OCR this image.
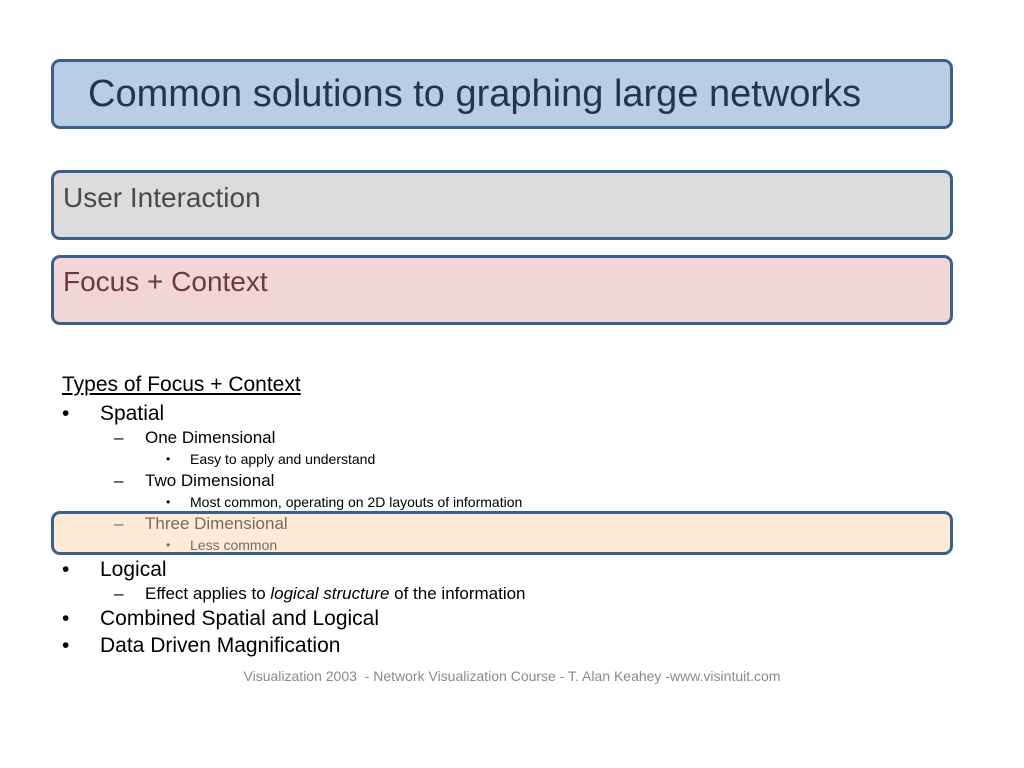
Common solutions to graphing large networks
User Interaction
Focus + Context
Types of Focus + Context
• Spatial
– One Dimensional
• Easy to apply and understand
– Two Dimensional
• Most common, operating on 2D layouts of information
– Three Dimensional
• Less common
• Logical
– Effect applies to logical structure of the information
• Combined Spatial and Logical
• Data Driven Magnification
Visualization 2003  - Network Visualization Course - T. Alan Keahey -www.visintuit.com
